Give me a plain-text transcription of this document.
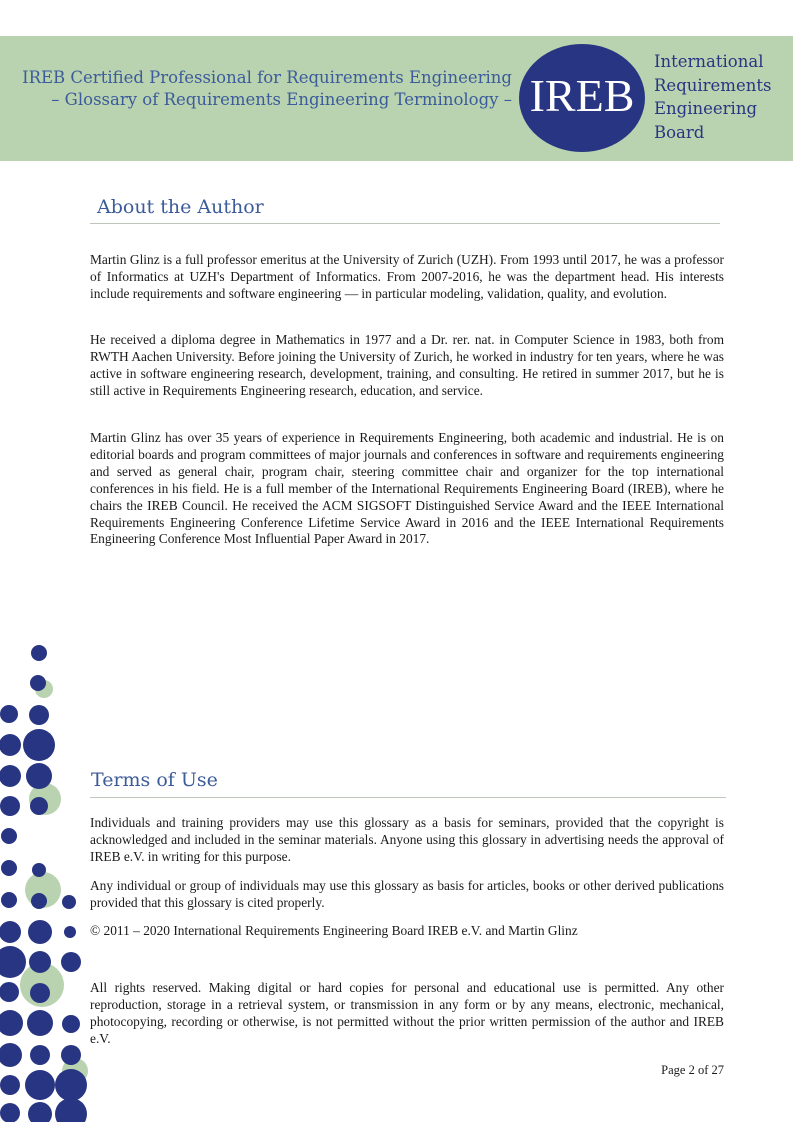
IREB Certified Professional for Requirements Engineering
– Glossary of Requirements Engineering Terminology – IREB
International
Requirements
Engineering
Board
About the Author

Martin Glinz is a full professor emeritus at the University of Zurich (UZH). From 1993 until 2017, he was a professor of Informatics at UZH's Department of Informatics. From 2007-2016, he was the department head. His interests include requirements and software engineering — in particular modeling, validation, quality, and evolution.

He received a diploma degree in Mathematics in 1977 and a Dr. rer. nat. in Computer Science in 1983, both from RWTH Aachen University. Before joining the University of Zurich, he worked in industry for ten years, where he was active in software engineering research, development, training, and consulting. He retired in summer 2017, but he is still active in Requirements Engineering research, education, and service.

Martin Glinz has over 35 years of experience in Requirements Engineering, both academic and industrial. He is on editorial boards and program committees of major journals and conferences in software and requirements engineering and served as general chair, program chair, steering committee chair and organizer for the top international conferences in his field. He is a full member of the International Requirements Engineering Board (IREB), where he chairs the IREB Council. He received the ACM SIGSOFT Distinguished Service Award and the IEEE International Requirements Engineering Conference Lifetime Service Award in 2016 and the IEEE International Requirements Engineering Conference Most Influential Paper Award in 2017.

Terms of Use

Individuals and training providers may use this glossary as a basis for seminars, provided that the copyright is acknowledged and included in the seminar materials. Anyone using this glossary in advertising needs the approval of IREB e.V. in writing for this purpose.

Any individual or group of individuals may use this glossary as basis for articles, books or other derived publications provided that this glossary is cited properly.

© 2011 – 2020 International Requirements Engineering Board IREB e.V. and Martin Glinz

All rights reserved. Making digital or hard copies for personal and educational use is permitted. Any other reproduction, storage in a retrieval system, or transmission in any form or by any means, electronic, mechanical, photocopying, recording or otherwise, is not permitted without the prior written permission of the author and IREB e.V.

Page 2 of 27
